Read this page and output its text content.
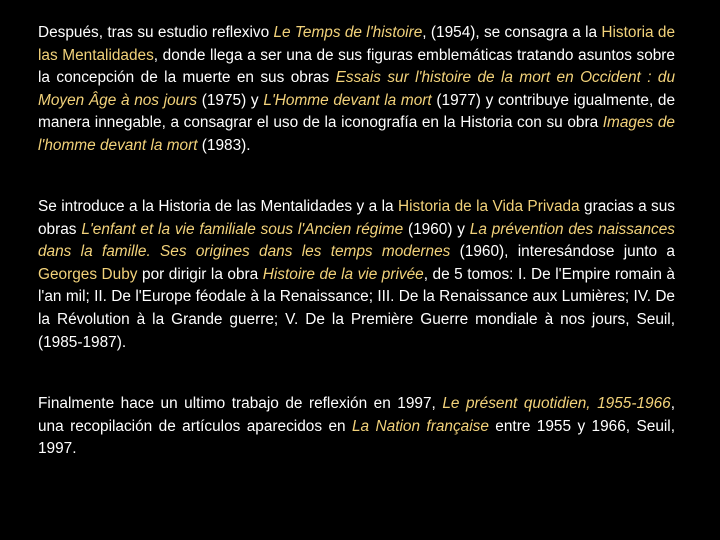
Después, tras su estudio reflexivo Le Temps de l'histoire, (1954), se consagra a la Historia de las Mentalidades, donde llega a ser una de sus figuras emblemáticas tratando asuntos sobre la concepción de la muerte en sus obras Essais sur l'histoire de la mort en Occident : du Moyen Âge à nos jours (1975) y L'Homme devant la mort (1977) y contribuye igualmente, de manera innegable, a consagrar el uso de la iconografía en la Historia con su obra Images de l'homme devant la mort (1983).

Se introduce a la Historia de las Mentalidades y a la Historia de la Vida Privada gracias a sus obras L'enfant et la vie familiale sous l'Ancien régime (1960) y La prévention des naissances dans la famille. Ses origines dans les temps modernes (1960), interesándose junto a Georges Duby por dirigir la obra Histoire de la vie privée, de 5 tomos: I. De l'Empire romain à l'an mil; II. De l'Europe féodale à la Renaissance; III. De la Renaissance aux Lumières; IV. De la Révolution à la Grande guerre; V. De la Première Guerre mondiale à nos jours, Seuil, (1985-1987).

Finalmente hace un ultimo trabajo de reflexión en 1997, Le présent quotidien, 1955-1966, una recopilación de artículos aparecidos en La Nation française entre 1955 y 1966, Seuil, 1997.
